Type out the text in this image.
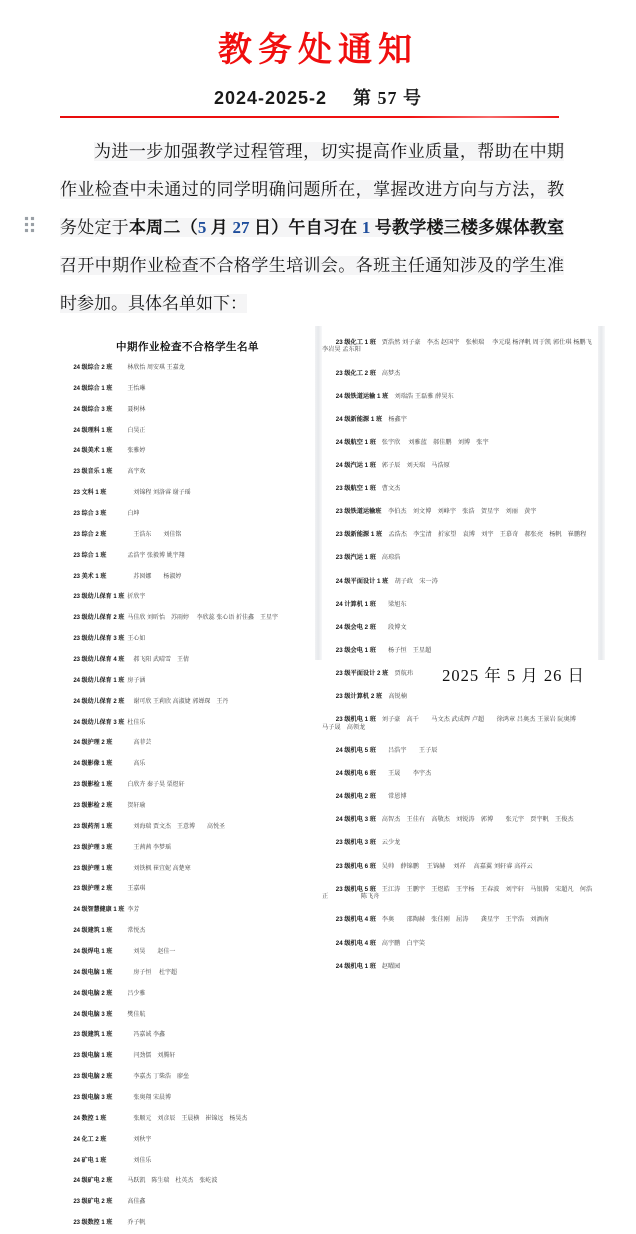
教务处通知
2024-2025-2 第 57 号
为进一步加强教学过程管理，切实提高作业质量，帮助在中期作业检查中未通过的同学明确问题所在，掌握改进方向与方法，教务处定于本周二（5 月 27 日）午自习在 1 号教学楼三楼多媒体教室召开中期作业检查不合格学生培训会。各班主任通知涉及的学生准时参加。具体名单如下：
中期作业检查不合格学生名单

24 级综合 2 班 林欣怡 周安琪 王嘉龙

24 级综合 1 班 王怡琳

24 级综合 3 班 聂树林

24 级理科 1 班 白昊正

24 级美术 1 班 张雅婷

23 级音乐 1 班 高宇欢

23 文科 1 班	　刘锦程 刘洛睿 谢子瑶

23 综合 3 班	白坤

23 综合 2 班	　王浩东　　刘佳铭

23 综合 1 班	孟浩宇 张毅博 姚宇翔

23 美术 1 班	　苏囡娜　　杨淑婷

23 级幼儿保育 1 班 折欣宇

23 级幼儿保育 2 班 马佳欣 刘昕怡　苏雨婷　 李欣蕊 张心语 折佳鑫　王星宇

23 级幼儿保育 3 班 王心如

23 级幼儿保育 4 班　郝飞阳 武晴雪　王倩

24 级幼儿保育 1 班 房子涵

24 级幼儿保育 2 班　谢可欣 王莉欣 高淑婕 郭婵琛　王丹

24 级幼儿保育 3 班 杜佳乐

24 级护理 2 班　高菲芸

24 级影像 1 班　高乐

23 级影检 1 班 白欣卉 秦子昊 栗煜轩

23 级影检 2 班 贺轩瑜

23 级药剂 1 班　刘海瑞 贾文杰　王意博　　高悦圣

23 级护理 3 班　王茜茜 李梦瑶

23 级护理 1 班　刘铁枫 崔宜妮 高楚寒

23 级护理 2 班 王嘉琪

24 级智慧健康 1 班 李芳

24 级建筑 1 班 常悦杰

24 级焊电 1 班　刘昊　　赵佳一

24 级电脑 1 班　房子恒　 杜宇超

24 级电脑 2 班 吕少雅

24 级电脑 3 班 樊佳航

23 级建筑 1 班　冯嘉诚 李鑫

23 级电脑 1 班　闫劲儒　刘腾轩

23 级电脑 2 班　李嘉杰 丁柴浩　廖垒

23 级电脑 3 班　张奥翔 宋晨博

24 数控 1 班	　张顺元　刘彦辰　王晨横　崔锦远　杨昊杰

24 化工 2 班	　刘秋宇

24 矿电 1 班	　刘佳乐

24 级矿电 2 班 马跃凯　陈生瑞　杜英杰　张屹波

23 级矿电 2 班 高佳鑫

23 级数控 1 班 乔子帆

23 级化工 1 班 贾浩然 刘子豪　李杰 赵国宇　张桢瑞　 李元琨 杨泽帆 周于凯 郭仕琪 杨鹏飞 李岩昊 孟东阳

23 级化工 2 班 高梦杰

24 级铁道运输 1 班　刘瑞浩 王磊雅 薛昊东

24 级新能源 1 班　杨鑫宇

24 级航空 1 班 张宇欣　 刘雅蓝　郝佳鹏　刘博　张宇

24 级汽运 1 班 郭子辰　刘天瑞　马浩原

23 级航空 1 班 曹文杰

23 级铁道运输班　李伯杰　刘文博　刘峰宇　张浩　贺星宇　刘丽　黄宇

23 级新能源 1 班　孟浩杰　李宝清　折家望　袁博　刘宇　王慕奇　郝张亮　杨帆　崔鹏程

23 级汽运 1 班 高琼浩

24 级平面设计 1 班　胡子政　宋一涛

24 计算机 1 班　梁旭东

24 级会电 2 班　段博文

23 级会电 1 班　杨子恒　王星超

23 级平面设计 2 班　贾航玮

23 级计算机 2 班　高锐楠

23 级机电 1 班 刘子豪　高千　　马文杰 武成辉 卢超　　徐鸿章 吕奥杰 王景岩 阮奥博 　　　　马子晟　高领龙

24 级机电 5 班　吕浩宇　　王子辰

24 级机电 6 班　王晟　　李宇杰

24 级机电 2 班　常恩博

24 级机电 3 班 高智杰　王佳有　高敬杰　刘锐涛　郭博　　张元宇　贾宇帆　王俊杰

23 级机电 3 班 云少龙

23 级机电 6 班 吴帅　薛锦鹏　 王锦赫　 刘祥　 高嘉翼 刘轩睿 高祥云

23 级机电 5 班 王江涛　王鹏宇　王煜皓　王宇杨　王春波　刘宇轩　马银腾　宋超凡　何浩正 　　　　　陈飞舟

23 级机电 4 班 李奥　　邵陶赫　张佳刚　屈涛　　龚星宇　王宇浩　刘酒南

24 级机电 4 班 高宇鹏　白宇笑

24 级机电 1 班 赵曜园

2025 年 5 月 26 日
